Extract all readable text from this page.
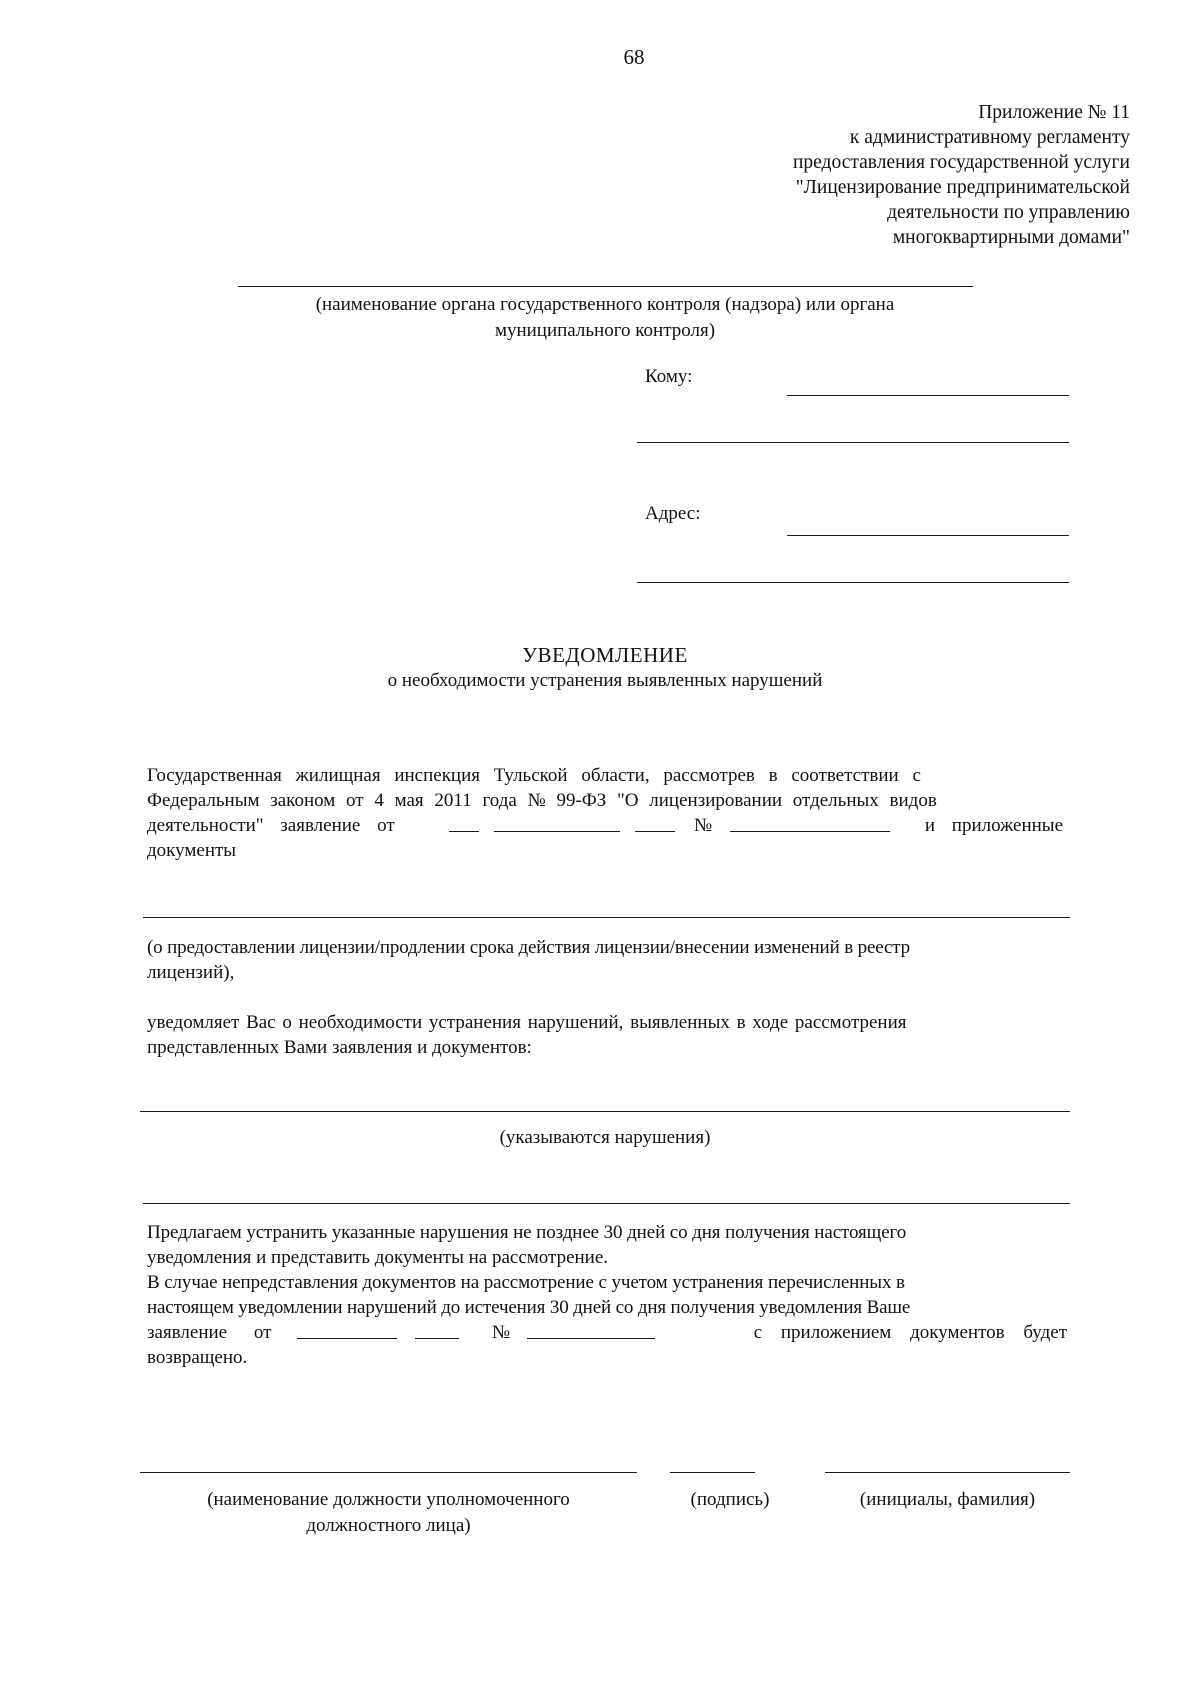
68
Приложение № 11
к административному регламенту
предоставления государственной услуги
"Лицензирование предпринимательской
деятельности по управлению
многоквартирными домами"
(наименование органа государственного контроля (надзора) или органа
муниципального контроля)
Кому:
Адрес:
УВЕДОМЛЕНИЕ
о необходимости устранения выявленных нарушений
Государственная жилищная инспекция Тульской области, рассмотрев в соответствии с
Федеральным законом от 4 мая 2011 года № 99-ФЗ "О лицензировании отдельных видов
деятельности" заявление от	№	и приложенные
документы
(о предоставлении лицензии/продлении срока действия лицензии/внесении изменений в реестр
лицензий),
уведомляет Вас о необходимости устранения нарушений, выявленных в ходе рассмотрения
представленных Вами заявления и документов:
(указываются нарушения)
Предлагаем устранить указанные нарушения не позднее 30 дней со дня получения настоящего
уведомления и представить документы на рассмотрение.
В случае непредставления документов на рассмотрение с учетом устранения перечисленных в
настоящем уведомлении нарушений до истечения 30 дней со дня получения уведомления Ваше
заявление от	№	с приложением документов будет
возвращено.
(наименование должности уполномоченного
должностного лица)
(подпись)	(инициалы, фамилия)
